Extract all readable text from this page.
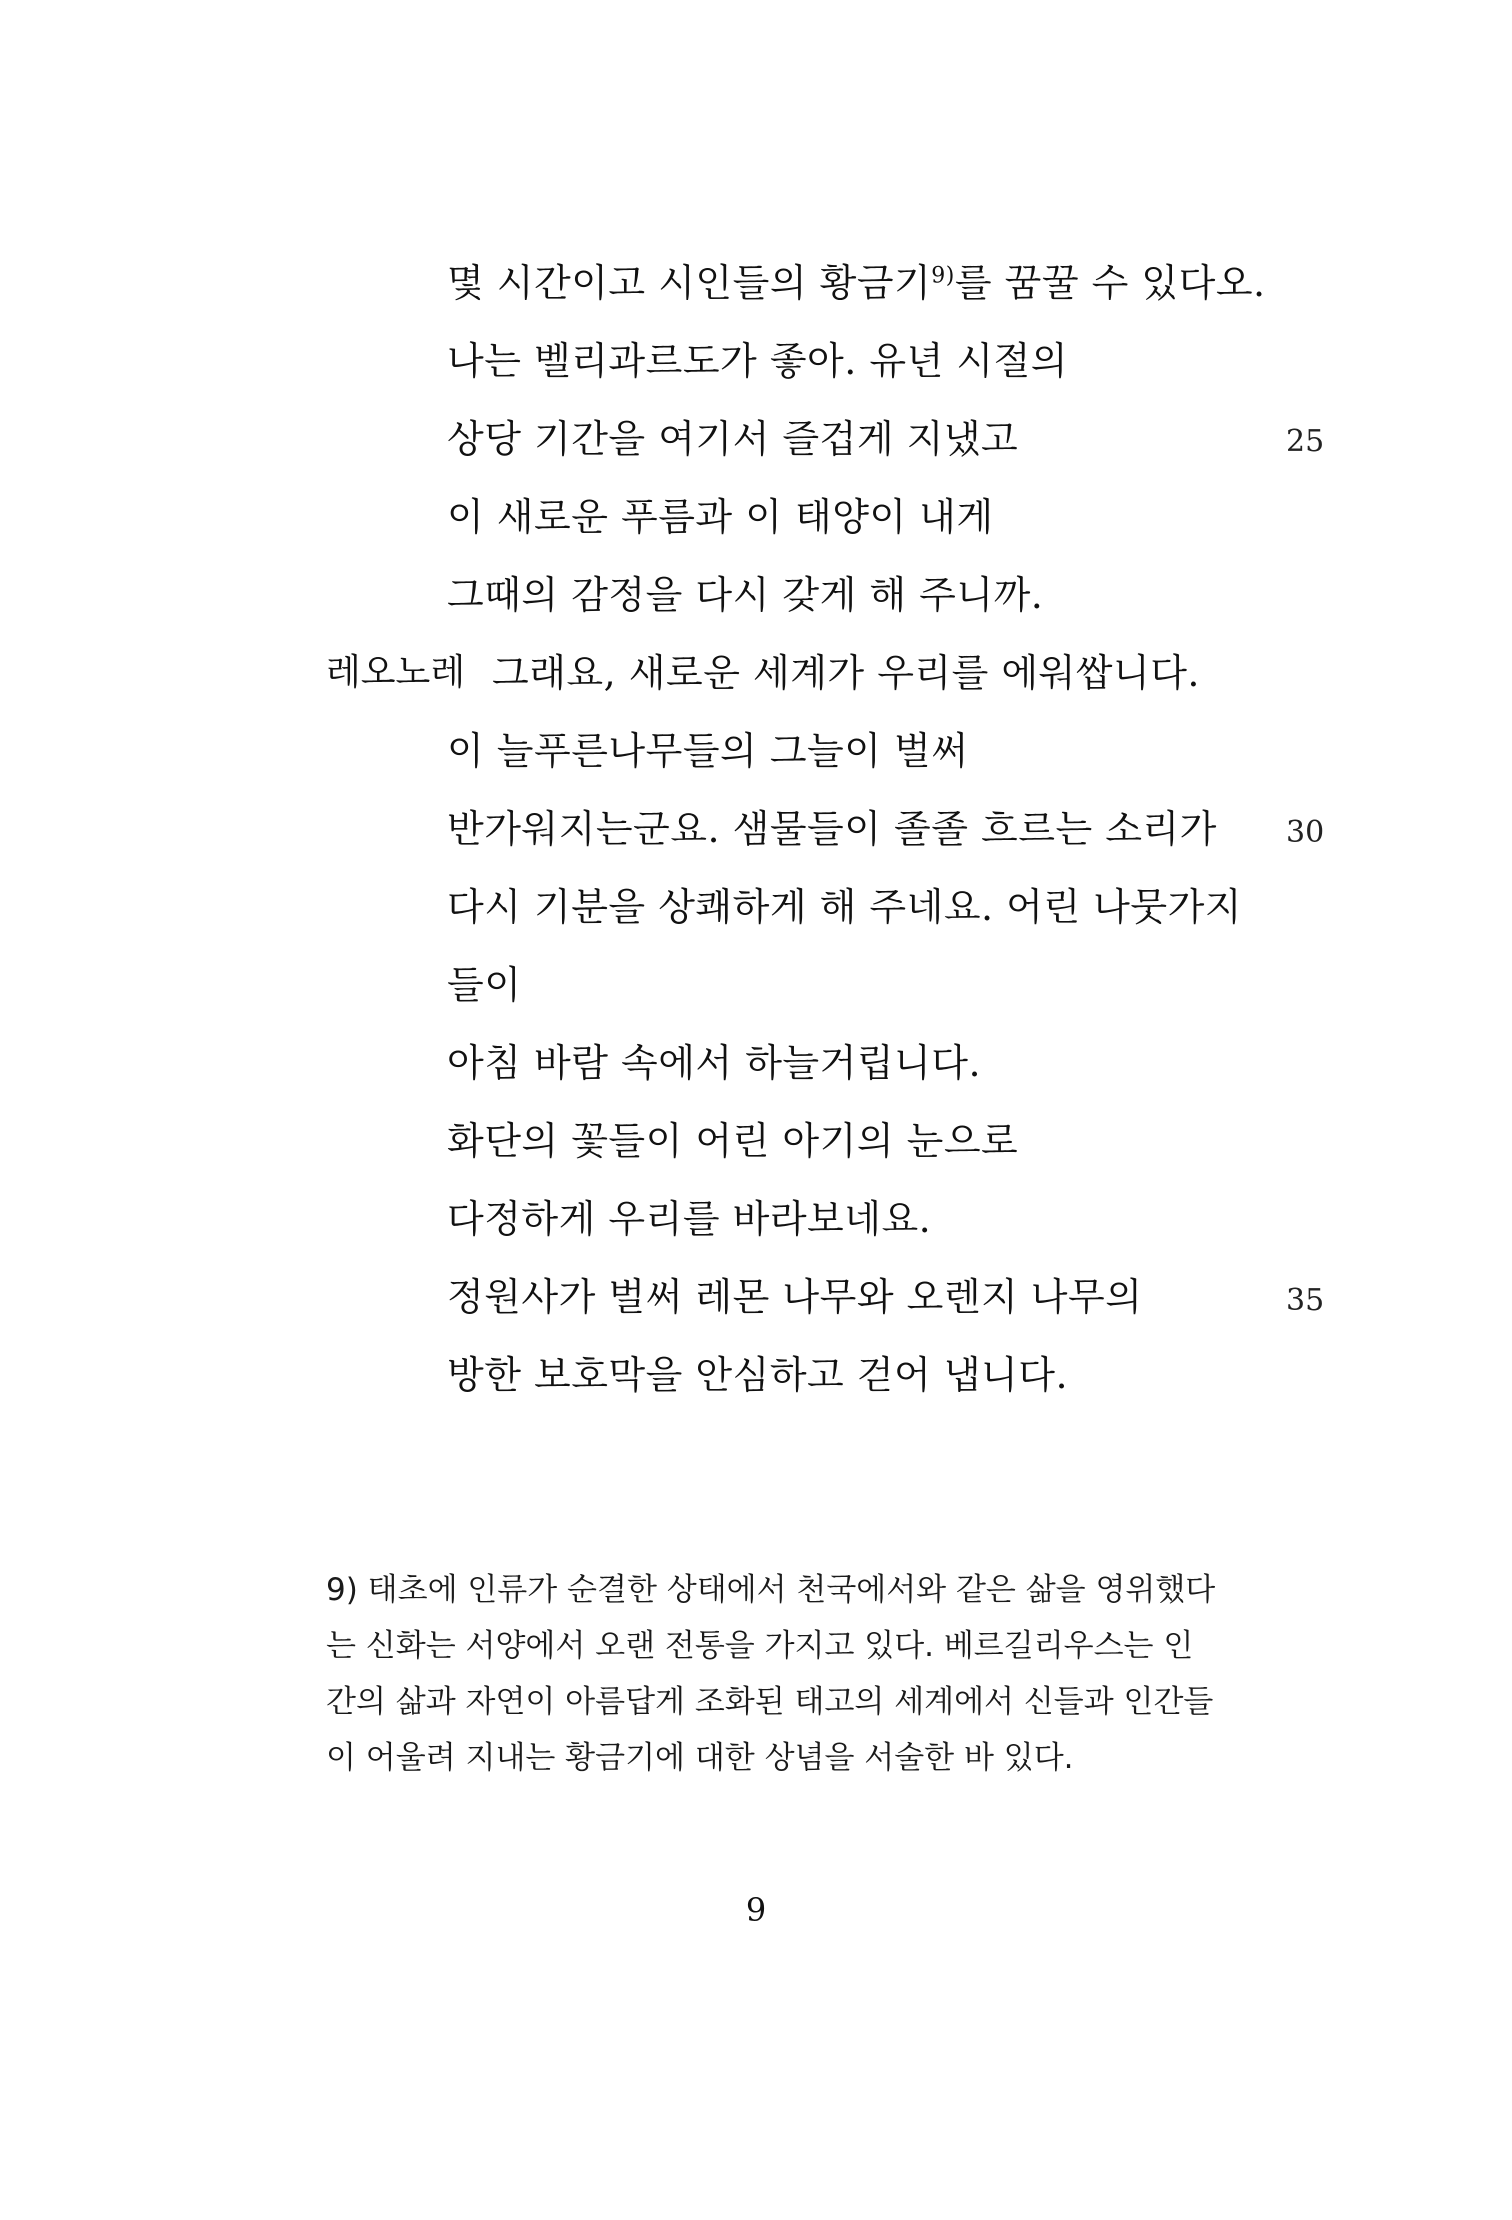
몇 시간이고 시인들의 황금기$^{9)}$를 꿈꿀 수 있다오.
나는 벨리과르도가 좋아. 유년 시절의
상당 기간을 여기서 즐겁게 지냈고	25
이 새로운 푸름과 이 태양이 내게
그때의 감정을 다시 갖게 해 주니까.
레오노레 그래요, 새로운 세계가 우리를 에워쌉니다.
이 늘푸른나무들의 그늘이 벌써
반가워지는군요. 샘물들이 졸졸 흐르는 소리가 30
다시 기분을 상쾌하게 해 주네요. 어린 나뭇가지
들이
아침 바람 속에서 하늘거립니다.
화단의 꽃들이 어린 아기의 눈으로
다정하게 우리를 바라보네요.
정원사가 벌써 레몬 나무와 오렌지 나무의	35
방한 보호막을 안심하고 걷어 냅니다.
9) 태초에 인류가 순결한 상태에서 천국에서와 같은 삶을 영위했다
는 신화는 서양에서 오랜 전통을 가지고 있다. 베르길리우스는 인
간의 삶과 자연이 아름답게 조화된 태고의 세계에서 신들과 인간들
이 어울려 지내는 황금기에 대한 상념을 서술한 바 있다.
9
